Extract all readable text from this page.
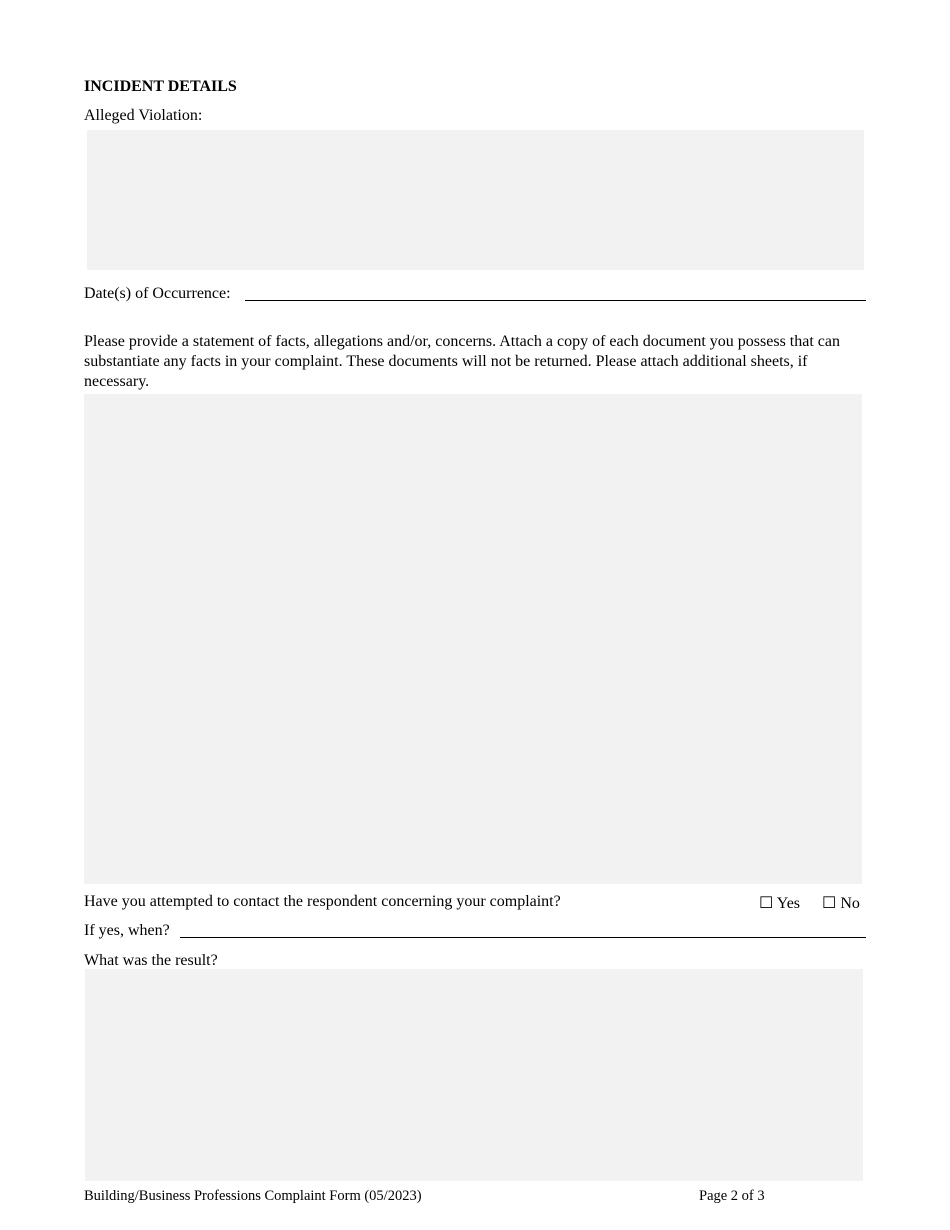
INCIDENT DETAILS
Alleged Violation:
Date(s) of Occurrence:
Please provide a statement of facts, allegations and/or, concerns. Attach a copy of each document you possess that can substantiate any facts in your complaint. These documents will not be returned. Please attach additional sheets, if necessary.
Have you attempted to contact the respondent concerning your complaint?	☐ Yes ☐ No
If yes, when?
What was the result?
Building/Business Professions Complaint Form (05/2023)	Page 2 of 3
